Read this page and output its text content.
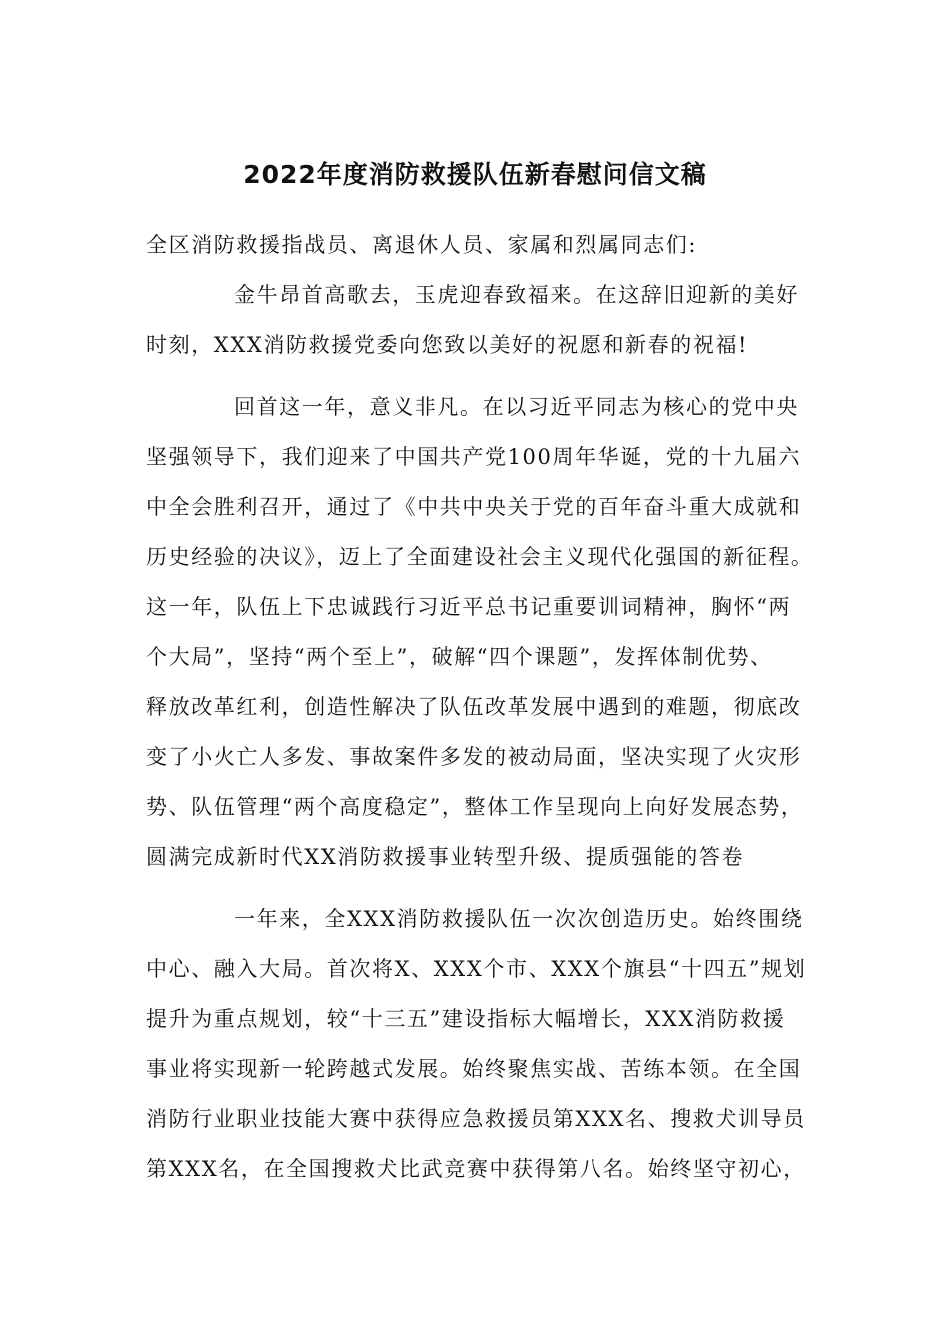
2022年度消防救援队伍新春慰问信文稿
全区消防救援指战员、离退休人员、家属和烈属同志们:
金牛昂首高歌去，玉虎迎春致福来。在这辞旧迎新的美好
时刻，XXX消防救援党委向您致以美好的祝愿和新春的祝福!
回首这一年，意义非凡。在以习近平同志为核心的党中央
坚强领导下，我们迎来了中国共产党100周年华诞，党的十九届六
中全会胜利召开，通过了《中共中央关于党的百年奋斗重大成就和
历史经验的决议》，迈上了全面建设社会主义现代化强国的新征程。
这一年，队伍上下忠诚践行习近平总书记重要训词精神，胸怀“两
个大局”，坚持“两个至上”，破解“四个课题”，发挥体制优势、
释放改革红利，创造性解决了队伍改革发展中遇到的难题，彻底改
变了小火亡人多发、事故案件多发的被动局面，坚决实现了火灾形
势、队伍管理“两个高度稳定”，整体工作呈现向上向好发展态势，
圆满完成新时代XX消防救援事业转型升级、提质强能的答卷
一年来，全XXX消防救援队伍一次次创造历史。始终围绕
中心、融入大局。首次将X、XXX个市、XXX个旗县“十四五”规划
提升为重点规划，较“十三五”建设指标大幅增长，XXX消防救援
事业将实现新一轮跨越式发展。始终聚焦实战、苦练本领。在全国
消防行业职业技能大赛中获得应急救援员第XXX名、搜救犬训导员
第XXX名，在全国搜救犬比武竞赛中获得第八名。始终坚守初心，
